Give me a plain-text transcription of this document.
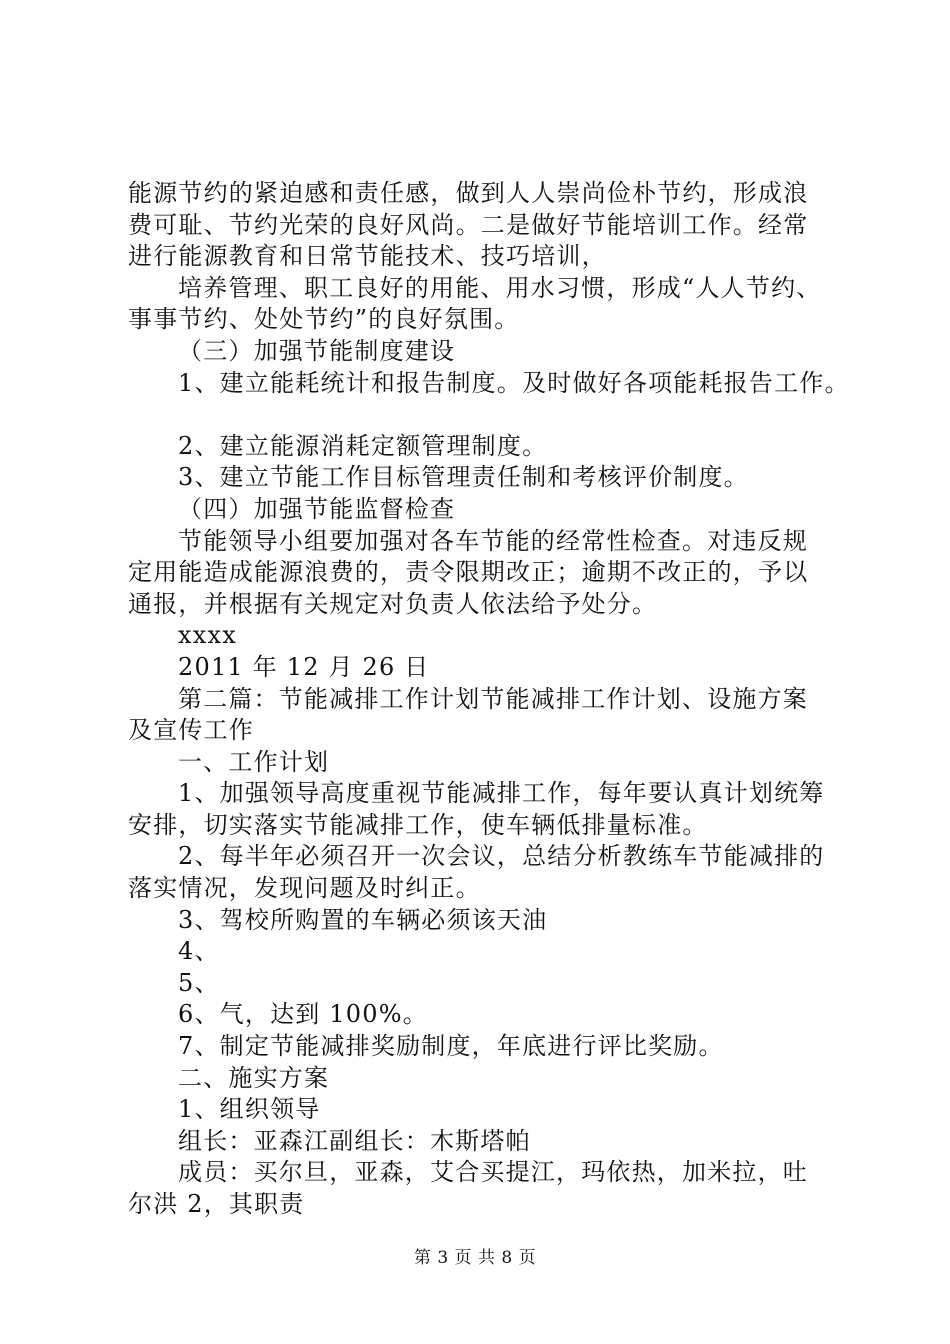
能源节约的紧迫感和责任感，做到人人崇尚俭朴节约，形成浪
费可耻、节约光荣的良好风尚。二是做好节能培训工作。经常
进行能源教育和日常节能技术、技巧培训，
培养管理、职工良好的用能、用水习惯，形成“人人节约、
事事节约、处处节约”的良好氛围。
（三）加强节能制度建设
1、建立能耗统计和报告制度。及时做好各项能耗报告工作。
2、建立能源消耗定额管理制度。
3、建立节能工作目标管理责任制和考核评价制度。
（四）加强节能监督检查
节能领导小组要加强对各车节能的经常性检查。对违反规
定用能造成能源浪费的，责令限期改正；逾期不改正的，予以
通报，并根据有关规定对负责人依法给予处分。
xxxx
2011 年 12 月 26 日
第二篇：节能减排工作计划节能减排工作计划、设施方案
及宣传工作
一、工作计划
1、加强领导高度重视节能减排工作，每年要认真计划统筹
安排，切实落实节能减排工作，使车辆低排量标准。
2、每半年必须召开一次会议，总结分析教练车节能减排的
落实情况，发现问题及时纠正。
3、驾校所购置的车辆必须该天油
4、
5、
6、气，达到 100%。
7、制定节能减排奖励制度，年底进行评比奖励。
二、施实方案
1、组织领导
组长：亚森江副组长：木斯塔帕
成员：买尔旦，亚森，艾合买提江，玛依热，加米拉，吐
尔洪 2，其职责
第 3 页 共 8 页
